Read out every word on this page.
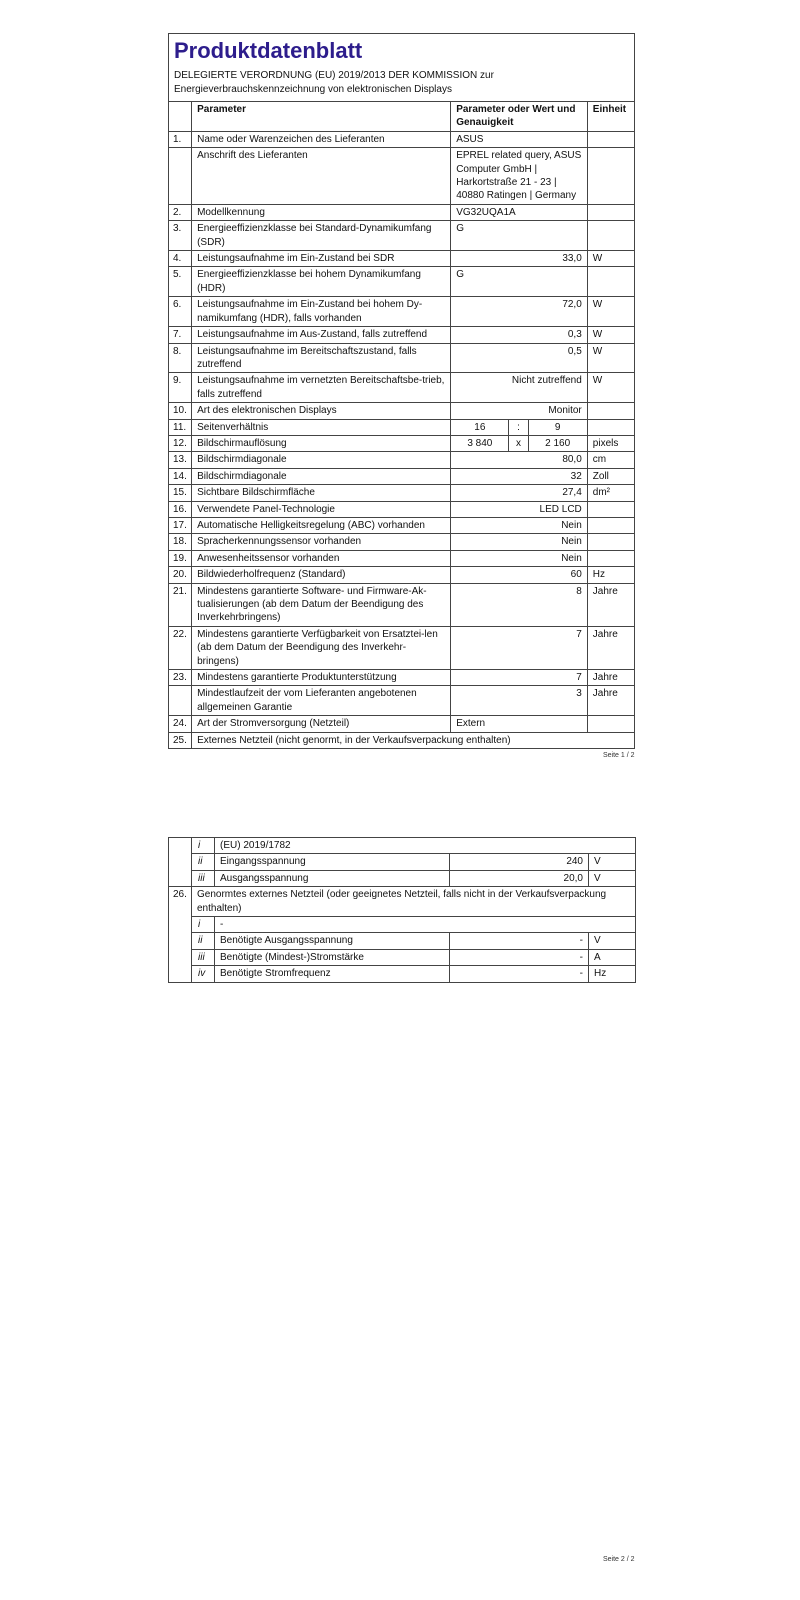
Produktdatenblatt
DELEGIERTE VERORDNUNG (EU) 2019/2013 DER KOMMISSION zur
Energieverbrauchskennzeichnung von elektronischen Displays
	Parameter	Parameter oder Wert und Genauigkeit			Einheit
1.	Name oder Warenzeichen des Lieferanten	ASUS			
	Anschrift des Lieferanten	EPREL related query, ASUS Computer GmbH | Harkortstraße 21 - 23 | 40880 Ratingen | Germany			
2.	Modellkennung	VG32UQA1A			
3.	Energieeffizienzklasse bei Standard-Dynamikumfang (SDR)	G			
4.	Leistungsaufnahme im Ein-Zustand bei SDR	33,0			W
5.	Energieeffizienzklasse bei hohem Dynamikumfang (HDR)	G			
6.	Leistungsaufnahme im Ein-Zustand bei hohem Dy-namikumfang (HDR), falls vorhanden	72,0			W
7.	Leistungsaufnahme im Aus-Zustand, falls zutreffend	0,3			W
8.	Leistungsaufnahme im Bereitschaftszustand, falls zutreffend	0,5			W
9.	Leistungsaufnahme im vernetzten Bereitschaftsbe-trieb, falls zutreffend	Nicht zutreffend			W
10.	Art des elektronischen Displays	Monitor			
11.	Seitenverhältnis	16	:	9	
12.	Bildschirmauflösung	3 840	x	2 160	pixels
13.	Bildschirmdiagonale	80,0			cm
14.	Bildschirmdiagonale	32			Zoll
15.	Sichtbare Bildschirmfläche	27,4			dm²
16.	Verwendete Panel-Technologie	LED LCD			
17.	Automatische Helligkeitsregelung (ABC) vorhanden	Nein			
18.	Spracherkennungssensor vorhanden	Nein			
19.	Anwesenheitssensor vorhanden	Nein			
20.	Bildwiederholfrequenz (Standard)	60			Hz
21.	Mindestens garantierte Software- und Firmware-Ak-tualisierungen (ab dem Datum der Beendigung des Inverkehrbringens)	8			Jahre
22.	Mindestens garantierte Verfügbarkeit von Ersatztei-len (ab dem Datum der Beendigung des Inverkehr-bringens)	7			Jahre
23.	Mindestens garantierte Produktunterstützung	7			Jahre
	Mindestlaufzeit der vom Lieferanten angebotenen allgemeinen Garantie	3			Jahre
24.	Art der Stromversorgung (Netzteil)	Extern			
25.	Externes Netzteil (nicht genormt, in der Verkaufsverpackung enthalten)				
Seite 1 / 2
	i	(EU) 2019/1782		
	ii	Eingangsspannung	240	V
	iii	Ausgangsspannung	20,0	V
26.	Genormtes externes Netzteil (oder geeignetes Netzteil, falls nicht in der Verkaufsverpackung enthalten)			
	i	-		
	ii	Benötigte Ausgangsspannung	-	V
	iii	Benötigte (Mindest-)Stromstärke	-	A
	iv	Benötigte Stromfrequenz	-	Hz
Seite 2 / 2
